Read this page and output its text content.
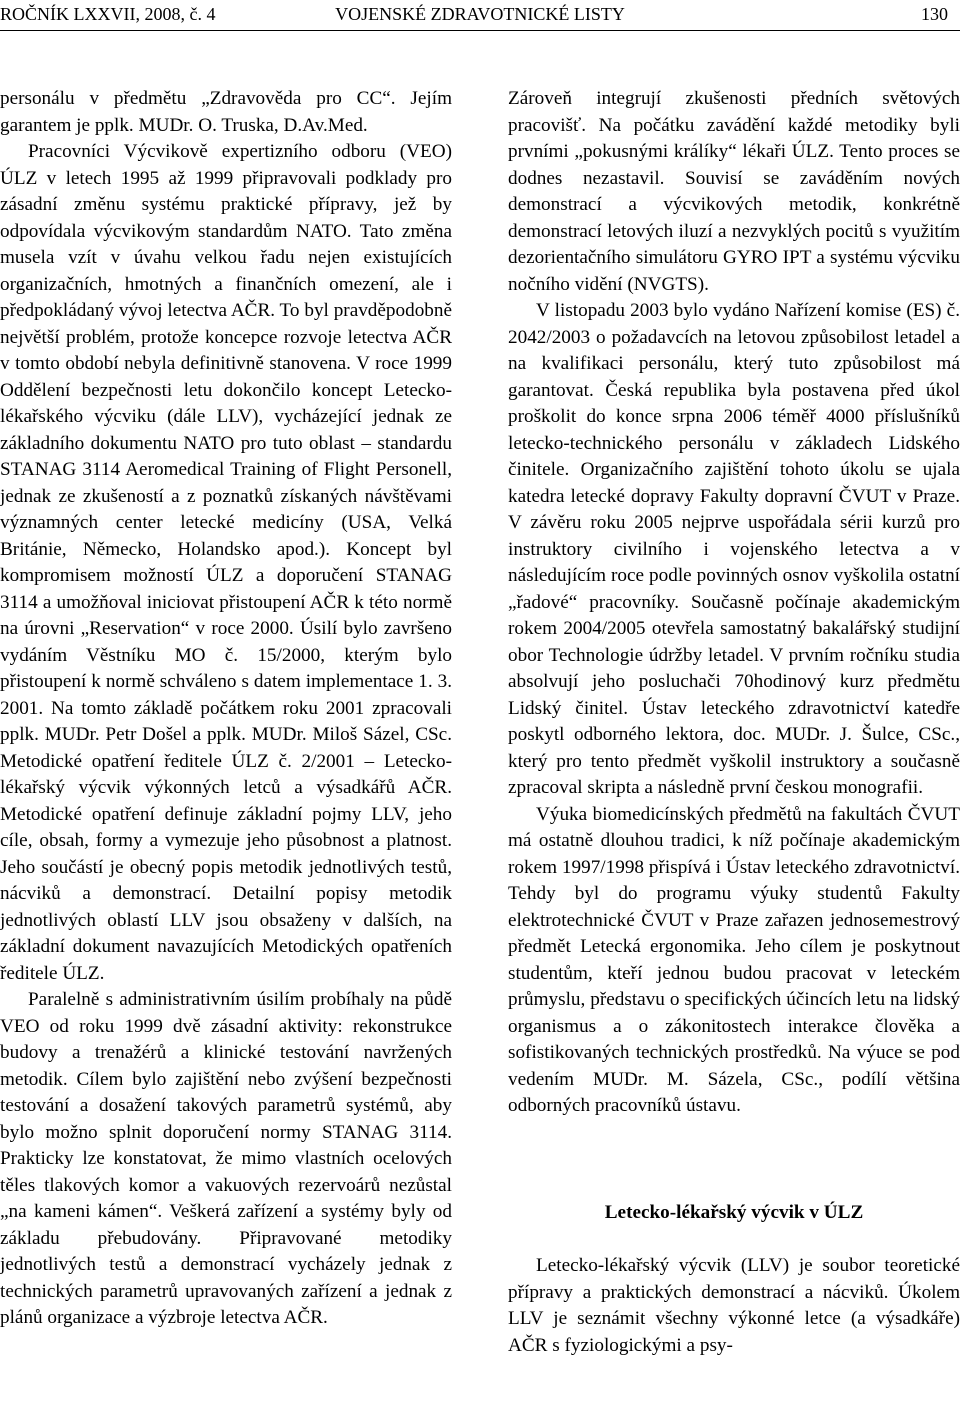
ROČNÍK LXXVII, 2008, č. 4	VOJENSKÉ ZDRAVOTNICKÉ LISTY	130

personálu v předmětu „Zdravověda pro CC“. Jejím garantem je pplk. MUDr. O. Truska, D.Av.Med.

Pracovníci Výcvikově expertizního odboru (VEO) ÚLZ v letech 1995 až 1999 připravovali podklady pro zásadní změnu systému praktické přípravy, jež by odpovídala výcvikovým standardům NATO. Tato změna musela vzít v úvahu velkou řadu nejen existujících organizačních, hmotných a finančních omezení, ale i předpokládaný vývoj letectva AČR. To byl pravděpodobně největší problém, protože koncepce rozvoje letectva AČR v tomto období nebyla definitivně stanovena. V roce 1999 Oddělení bezpečnosti letu dokončilo koncept Letecko-lékařského výcviku (dále LLV), vycházející jednak ze základního dokumentu NATO pro tuto oblast – standardu STANAG 3114 Aeromedical Training of Flight Personell, jednak ze zkušeností a z poznatků získaných návštěvami významných center letecké medicíny (USA, Velká Británie, Německo, Holandsko apod.). Koncept byl kompromisem možností ÚLZ a doporučení STANAG 3114 a umožňoval iniciovat přistoupení AČR k této normě na úrovni „Reservation“ v roce 2000. Úsilí bylo završeno vydáním Věstníku MO č. 15/2000, kterým bylo přistoupení k normě schváleno s datem implementace 1. 3. 2001. Na tomto základě počátkem roku 2001 zpracovali pplk. MUDr. Petr Došel a pplk. MUDr. Miloš Sázel, CSc. Metodické opatření ředitele ÚLZ č. 2/2001 – Letecko-lékařský výcvik výkonných letců a výsadkářů AČR. Metodické opatření definuje základní pojmy LLV, jeho cíle, obsah, formy a vymezuje jeho působnost a platnost. Jeho součástí je obecný popis metodik jednotlivých testů, nácviků a demonstrací. Detailní popisy metodik jednotlivých oblastí LLV jsou obsaženy v dalších, na základní dokument navazujících Metodických opatřeních ředitele ÚLZ.

Paralelně s administrativním úsilím probíhaly na půdě VEO od roku 1999 dvě zásadní aktivity: rekonstrukce budovy a trenažérů a klinické testování navržených metodik. Cílem bylo zajištění nebo zvýšení bezpečnosti testování a dosažení takových parametrů systémů, aby bylo možno splnit doporučení normy STANAG 3114. Prakticky lze konstatovat, že mimo vlastních ocelových těles tlakových komor a vakuových rezervoárů nezůstal „na kameni kámen“. Veškerá zařízení a systémy byly od základu přebudovány. Připravované metodiky jednotlivých testů a demonstrací vycházely jednak z technických parametrů upravovaných zařízení a jednak z plánů organizace a výzbroje letectva AČR.

Zároveň integrují zkušenosti předních světových pracovišť. Na počátku zavádění každé metodiky byli prvními „pokusnými králíky“ lékaři ÚLZ. Tento proces se dodnes nezastavil. Souvisí se zaváděním nových demonstrací a výcvikových metodik, konkrétně demonstrací letových iluzí a nezvyklých pocitů s využitím dezorientačního simulátoru GYRO IPT a systému výcviku nočního vidění (NVGTS).

V listopadu 2003 bylo vydáno Nařízení komise (ES) č. 2042/2003 o požadavcích na letovou způsobilost letadel a na kvalifikaci personálu, který tuto způsobilost má garantovat. Česká republika byla postavena před úkol proškolit do konce srpna 2006 téměř 4000 příslušníků letecko-technického personálu v základech Lidského činitele. Organizačního zajištění tohoto úkolu se ujala katedra letecké dopravy Fakulty dopravní ČVUT v Praze. V závěru roku 2005 nejprve uspořádala sérii kurzů pro instruktory civilního i vojenského letectva a v následujícím roce podle povinných osnov vyškolila ostatní „řadové“ pracovníky. Současně počínaje akademickým rokem 2004/2005 otevřela samostatný bakalářský studijní obor Technologie údržby letadel. V prvním ročníku studia absolvují jeho posluchači 70hodinový kurz předmětu Lidský činitel. Ústav leteckého zdravotnictví katedře poskytl odborného lektora, doc. MUDr. J. Šulce, CSc., který pro tento předmět vyškolil instruktory a současně zpracoval skripta a následně první českou monografii.

Výuka biomedicínských předmětů na fakultách ČVUT má ostatně dlouhou tradici, k níž počínaje akademickým rokem 1997/1998 přispívá i Ústav leteckého zdravotnictví. Tehdy byl do programu výuky studentů Fakulty elektrotechnické ČVUT v Praze zařazen jednosemestrový předmět Letecká ergonomika. Jeho cílem je poskytnout studentům, kteří jednou budou pracovat v leteckém průmyslu, představu o specifických účincích letu na lidský organismus a o zákonitostech interakce člověka a sofistikovaných technických prostředků. Na výuce se pod vedením MUDr. M. Sázela, CSc., podílí většina odborných pracovníků ústavu.

Letecko-lékařský výcvik v ÚLZ

Letecko-lékařský výcvik (LLV) je soubor teoretické přípravy a praktických demonstrací a nácviků. Úkolem LLV je seznámit všechny výkonné letce (a výsadkáře) AČR s fyziologickými a psy-
